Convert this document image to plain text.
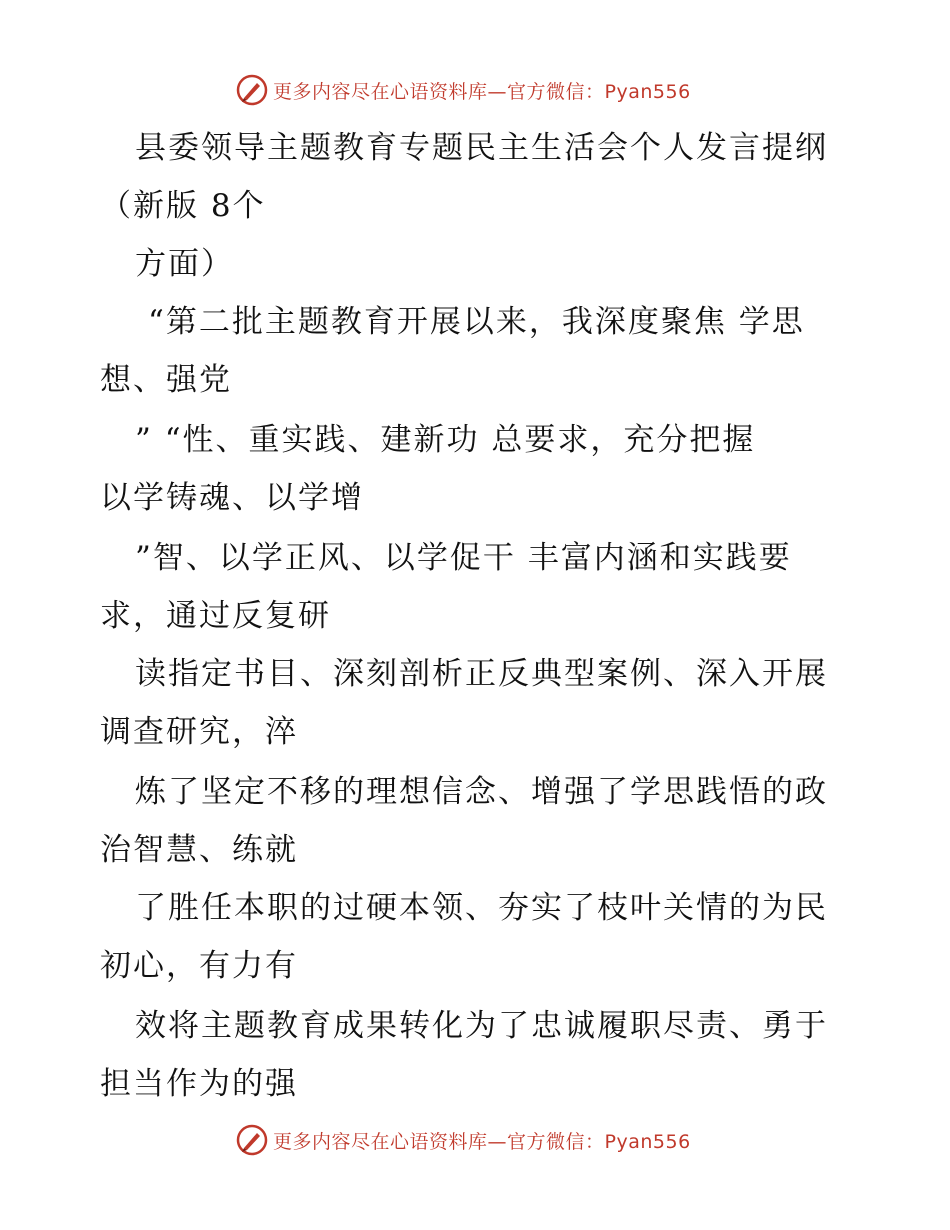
更多内容尽在心语资料库—官方微信：Pyan556
县委领导主题教育专题民主生活会个人发言提纲
（新版 8个
方面）
“第二批主题教育开展以来，我深度聚焦 学思
想、强党
” “性、重实践、建新功 总要求，充分把握
以学铸魂、以学增
”智、以学正风、以学促干 丰富内涵和实践要
求，通过反复研
读指定书目、深刻剖析正反典型案例、深入开展
调查研究，淬
炼了坚定不移的理想信念、增强了学思践悟的政
治智慧、练就
了胜任本职的过硬本领、夯实了枝叶关情的为民
初心，有力有
效将主题教育成果转化为了忠诚履职尽责、勇于
担当作为的强
更多内容尽在心语资料库—官方微信：Pyan556
